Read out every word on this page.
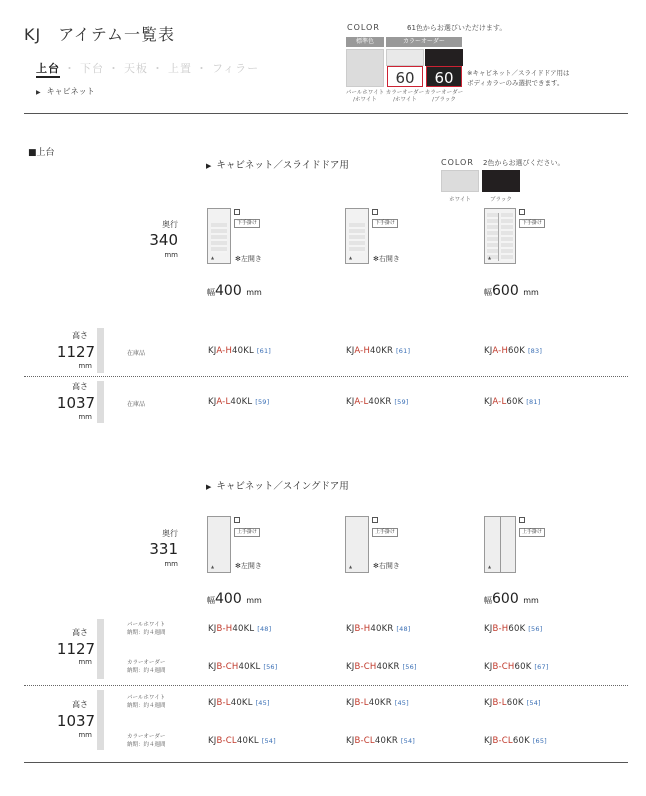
KJ　アイテム一覧表
上台 ・ 下台 ・ 天板 ・ 上置 ・ フィラー
▶ キャビネット
COLOR	61色からお選びいただけます。
標準色	カラーオーダー
60	60
パールホワイト
/ホワイト
カラーオーダー
/ホワイト
カラーオーダー
/ブラック
※キャビネット／スライドドア用は
ボディカラーのみ選択できます。
■上台
▶ キャビネット／スライドドア用	COLOR 2色からお選びください。
ホワイト	ブラック
奥行
340
mm	▲
下手掛け
✻左開き	▲
下手掛け
✻右開き	▲
下手掛け
幅400 mm	幅600 mm
高さ
1127
mm
在庫品	KJA-H40KL [61]	KJA-H40KR [61]	KJA-H60K [83]
高さ
1037
mm
在庫品	KJA-L40KL [59]	KJA-L40KR [59]	KJA-L60K [81]
▶ キャビネット／スイングドア用
奥行
331
mm	▲
上手掛け
✻左開き	▲
上手掛け
✻右開き	▲
上手掛け
幅400 mm	幅600 mm
高さ
1127
mm
パールホワイト
納期：約４週間
カラーオーダー
納期：約４週間
KJB-H40KL [48]	KJB-H40KR [48]	KJB-H60K [56]
KJB-CH40KL [56]	KJB-CH40KR [56]	KJB-CH60K [67]
高さ
1037
mm
パールホワイト
納期：約４週間
カラーオーダー
納期：約４週間
KJB-L40KL [45]	KJB-L40KR [45]	KJB-L60K [54]
KJB-CL40KL [54]	KJB-CL40KR [54]	KJB-CL60K [65]
